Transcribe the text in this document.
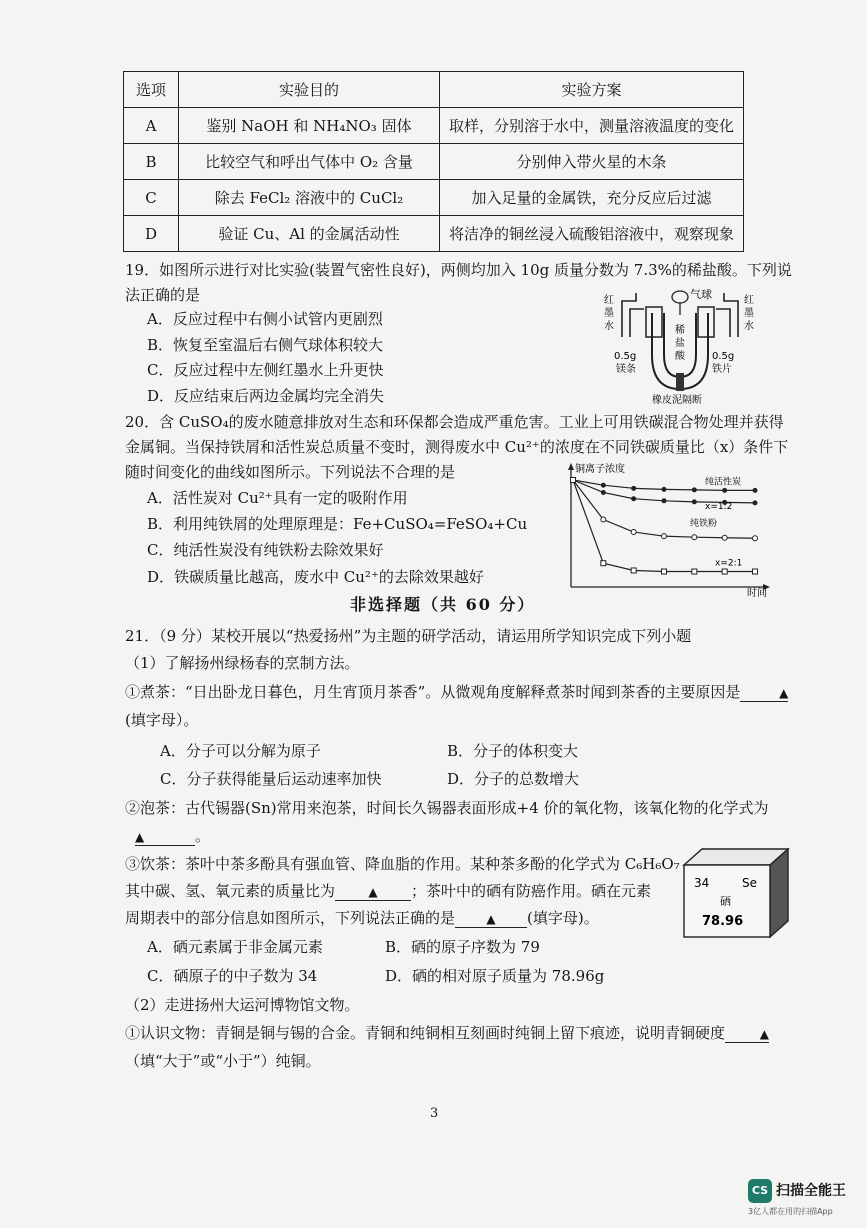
选项	实验目的	实验方案
A	鉴别 NaOH 和 NH₄NO₃ 固体	取样，分别溶于水中，测量溶液温度的变化
B	比较空气和呼出气体中 O₂ 含量	分别伸入带火星的木条
C	除去 FeCl₂ 溶液中的 CuCl₂	加入足量的金属铁，充分反应后过滤
D	验证 Cu、Al 的金属活动性	将洁净的铜丝浸入硫酸铝溶液中，观察现象
19．如图所示进行对比实验(装置气密性良好)，两侧均加入 10g 质量分数为 7.3%的稀盐酸。下列说
法正确的是
A．反应过程中右侧小试管内更剧烈
B．恢复至室温后右侧气球体积较大
C．反应过程中左侧红墨水上升更快
D．反应结束后两边金属均完全消失
气球
红
墨
水
红
墨
水
稀
盐
酸
0.5g
镁条
0.5g
铁片
橡皮泥隔断
20．含 CuSO₄的废水随意排放对生态和环保都会造成严重危害。工业上可用铁碳混合物处理并获得
金属铜。当保持铁屑和活性炭总质量不变时，测得废水中 Cu²⁺的浓度在不同铁碳质量比（x）条件下
随时间变化的曲线如图所示。下列说法不合理的是
A．活性炭对 Cu²⁺具有一定的吸附作用
B．利用纯铁屑的处理原理是：Fe+CuSO₄=FeSO₄+Cu
C．纯活性炭没有纯铁粉去除效果好
D．铁碳质量比越高，废水中 Cu²⁺的去除效果越好
铜离子浓度
时间
纯活性炭
x=1:2
纯铁粉
x=2:1
非选择题（共 60 分）
21．（9 分）某校开展以“热爱扬州”为主题的研学活动，请运用所学知识完成下列小题
（1）了解扬州绿杨春的烹制方法。
①煮茶：“日出卧龙日暮色，月生宵顶月茶香”。从微观角度解释煮茶时闻到茶香的主要原因是	▲
(填字母）。
A．分子可以分解为原子	B．分子的体积变大
C．分子获得能量后运动速率加快	D．分子的总数增大
②泡茶：古代锡器(Sn)常用来泡茶，时间长久锡器表面形成+4 价的氧化物，该氧化物的化学式为
▲	。
③饮茶：茶叶中茶多酚具有强血管、降血脂的作用。某种茶多酚的化学式为 C₆H₆O₇
其中碳、氢、氧元素的质量比为	▲ ；茶叶中的硒有防癌作用。硒在元素
周期表中的部分信息如图所示，下列说法正确的是	▲ (填字母)。
A．硒元素属于非金属元素	B．硒的原子序数为 79
C．硒原子的中子数为 34	D．硒的相对原子质量为 78.96g
34	Se
硒
78.96
（2）走进扬州大运河博物馆文物。
①认识文物：青铜是铜与锡的合金。青铜和纯铜相互刻画时纯铜上留下痕迹，说明青铜硬度	▲
（填“大于”或“小于”）纯铜。
3
CS 扫描全能王
3亿人都在用的扫描App
